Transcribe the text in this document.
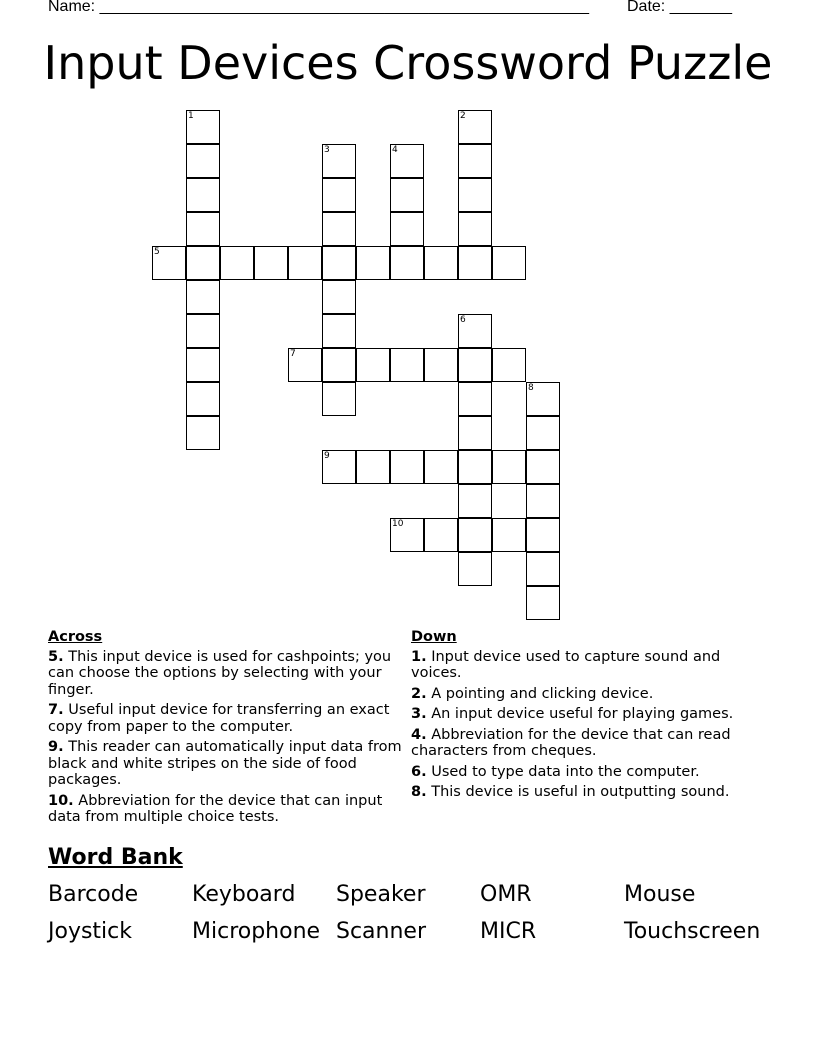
Name: _______________________________________________________ Date: _______
Input Devices Crossword Puzzle
1	2
3	4
5
6
7
8
9
10
Across
5. This input device is used for cashpoints; you can choose the options by selecting with your finger.
7. Useful input device for transferring an exact copy from paper to the computer.
9. This reader can automatically input data from black and white stripes on the side of food packages.
10. Abbreviation for the device that can input data from multiple choice tests.
Down
1. Input device used to capture sound and voices.
2. A pointing and clicking device.
3. An input device useful for playing games.
4. Abbreviation for the device that can read characters from cheques.
6. Used to type data into the computer.
8. This device is useful in outputting sound.
Word Bank
Barcode Keyboard Speaker OMR	Mouse
Joystick	Microphone Scanner MICR	Touchscreen
